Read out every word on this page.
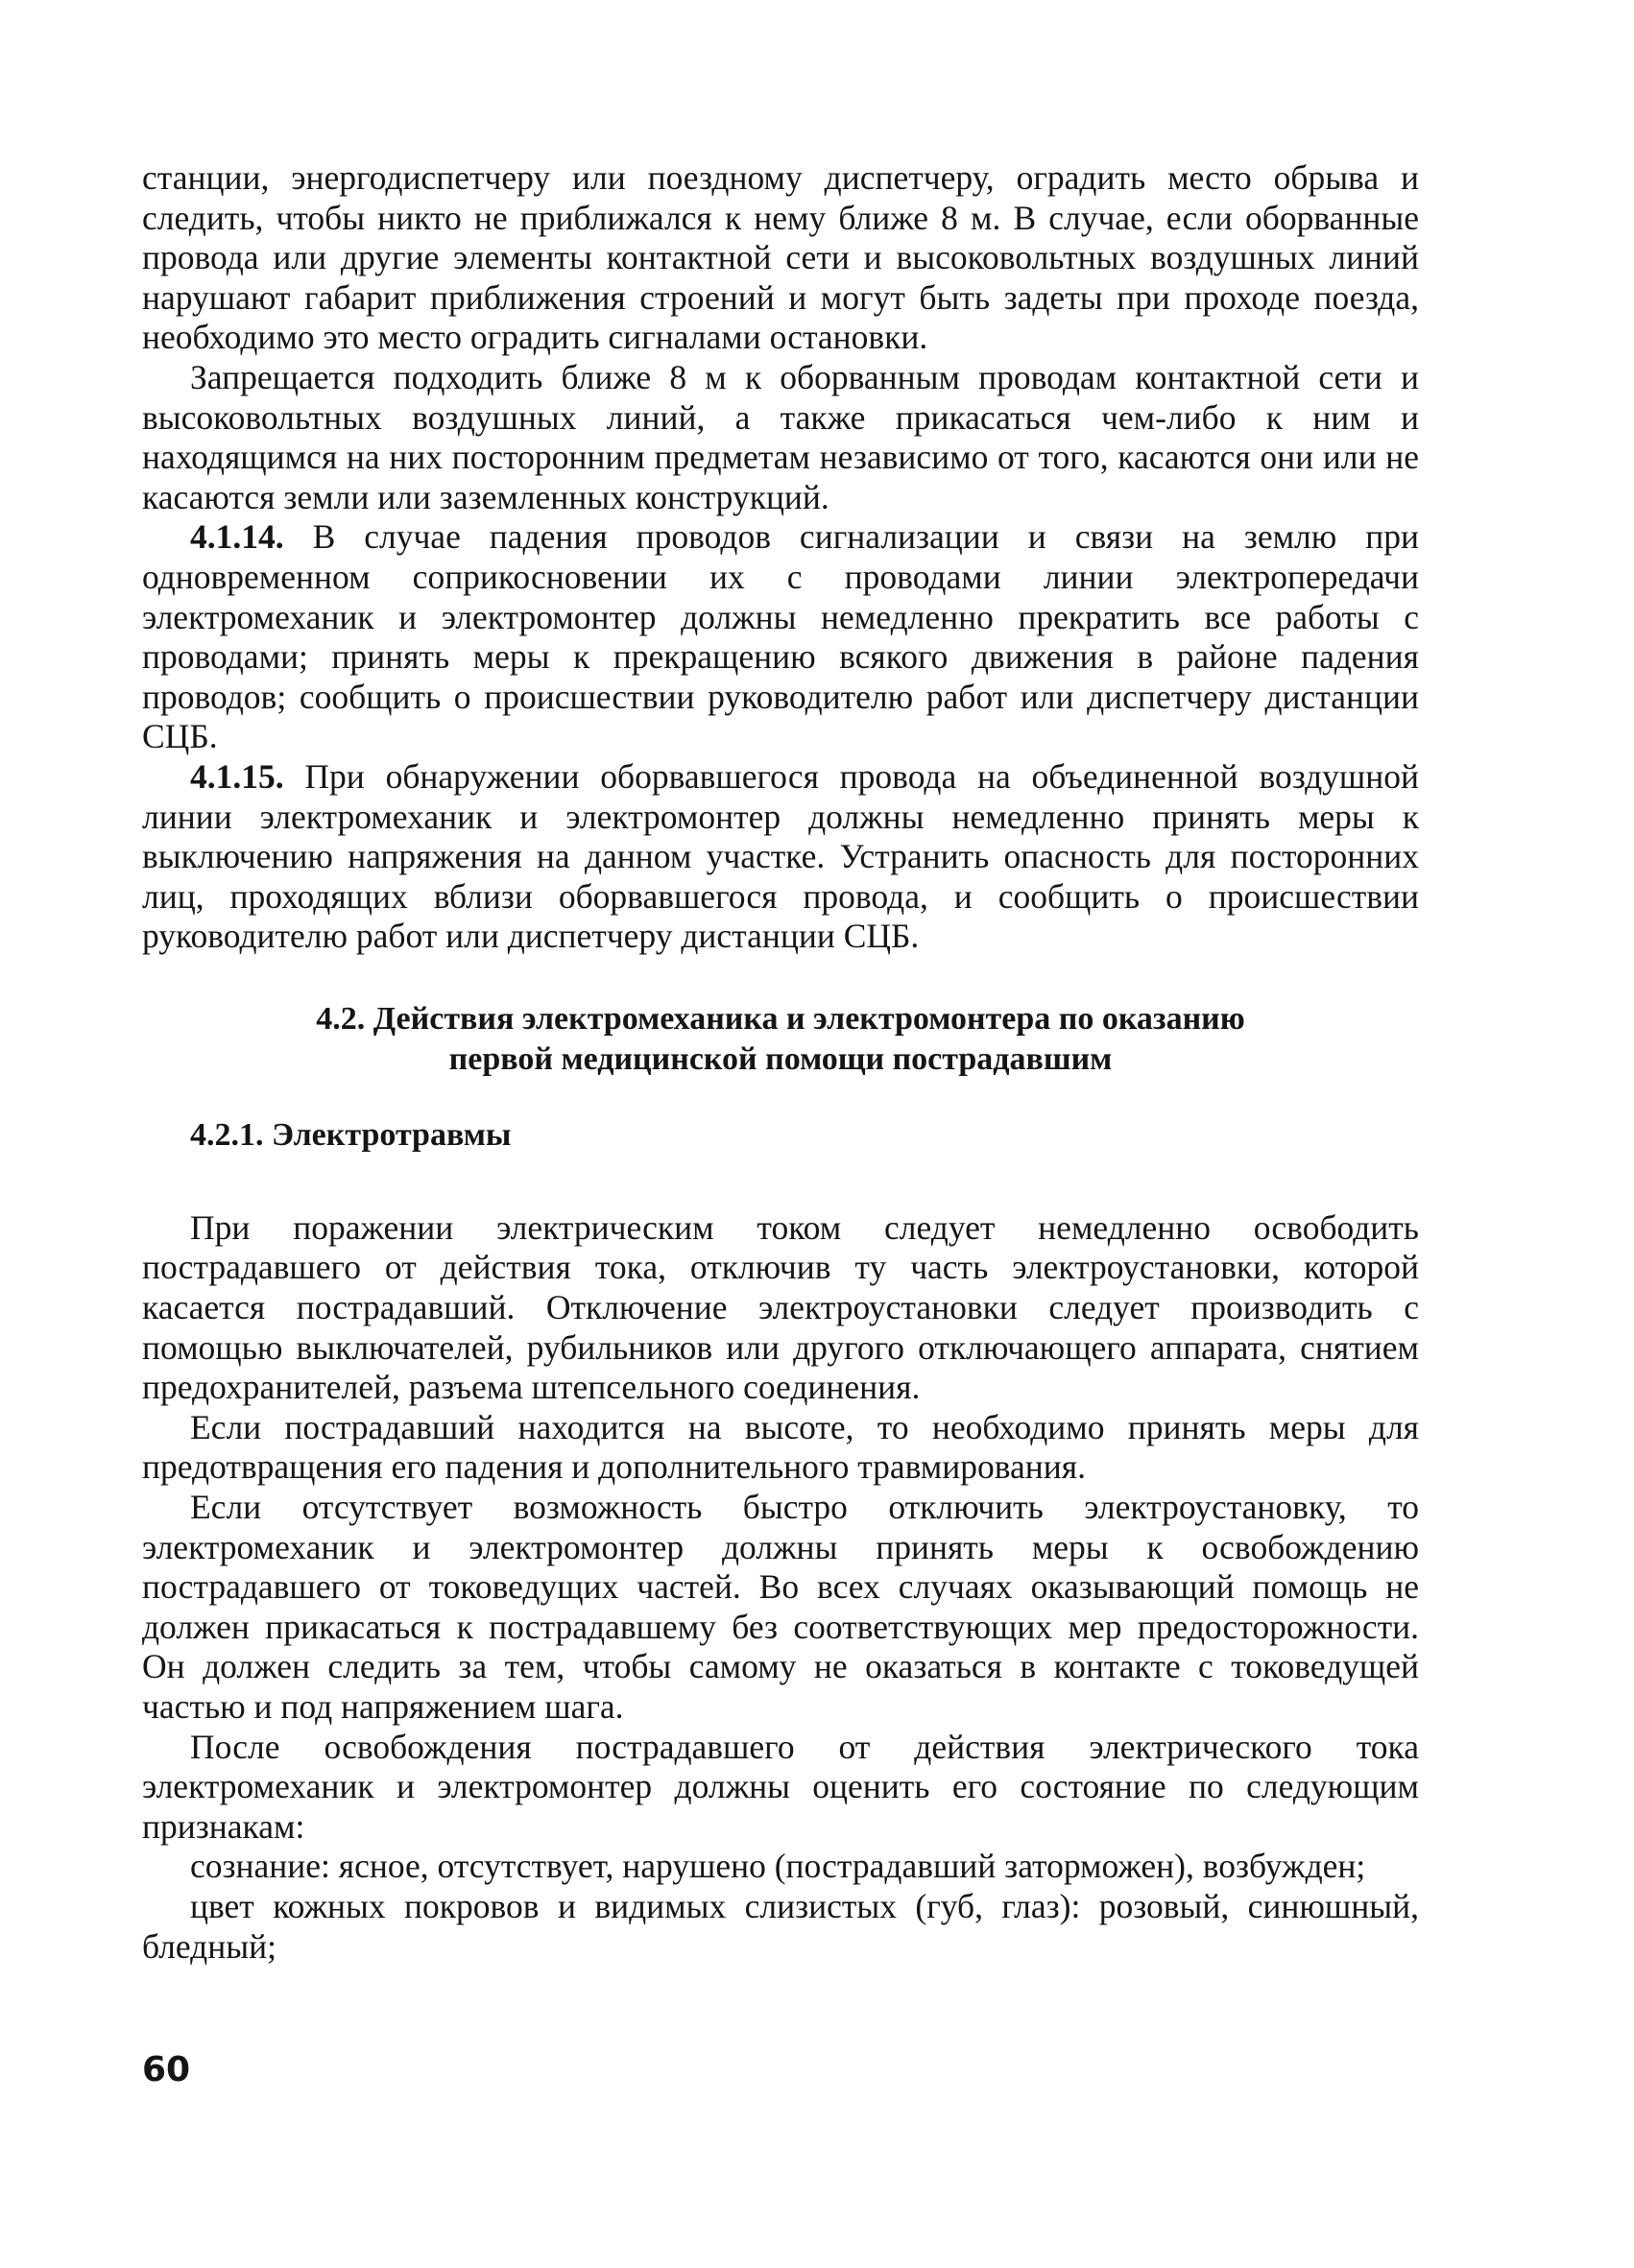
станции, энергодиспетчеру или поездному диспетчеру, оградить место обрыва и следить, чтобы никто не приближался к нему ближе 8 м. В случае, если оборванные провода или другие элементы контактной сети и высоковольтных воздушных линий нарушают габарит приближения строений и могут быть задеты при проходе поезда, необходимо это место оградить сигналами остановки.

Запрещается подходить ближе 8 м к оборванным проводам контактной сети и высоковольтных воздушных линий, а также прикасаться чем-либо к ним и находящимся на них посторонним предметам независимо от того, касаются они или не касаются земли или заземленных конструкций.

4.1.14. В случае падения проводов сигнализации и связи на землю при одновременном соприкосновении их с проводами линии электропередачи электромеханик и электромонтер должны немедленно прекратить все работы с проводами; принять меры к прекращению всякого движения в районе падения проводов; сообщить о происшествии руководителю работ или диспетчеру дистанции СЦБ.

4.1.15. При обнаружении оборвавшегося провода на объединенной воздушной линии электромеханик и электромонтер должны немедленно принять меры к выключению напряжения на данном участке. Устранить опасность для посторонних лиц, проходящих вблизи оборвавшегося провода, и сообщить о происшествии руководителю работ или диспетчеру дистанции СЦБ.

4.2. Действия электромеханика и электромонтера по оказанию
первой медицинской помощи пострадавшим
4.2.1. Электротравмы

При поражении электрическим током следует немедленно освободить пострадавшего от действия тока, отключив ту часть электроустановки, которой касается пострадавший. Отключение электроустановки следует производить с помощью выключателей, рубильников или другого отключающего аппарата, снятием предохранителей, разъема штепсельного соединения.

Если пострадавший находится на высоте, то необходимо принять меры для предотвращения его падения и дополнительного травмирования.

Если отсутствует возможность быстро отключить электроустановку, то электромеханик и электромонтер должны принять меры к освобождению пострадавшего от токоведущих частей. Во всех случаях оказывающий помощь не должен прикасаться к пострадавшему без соответствующих мер предосторожности. Он должен следить за тем, чтобы самому не оказаться в контакте с токоведущей частью и под напряжением шага.

После освобождения пострадавшего от действия электрического тока электромеханик и электромонтер должны оценить его состояние по следующим признакам:

сознание: ясное, отсутствует, нарушено (пострадавший заторможен), возбужден;

цвет кожных покровов и видимых слизистых (губ, глаз): розовый, синюшный, бледный;

60
